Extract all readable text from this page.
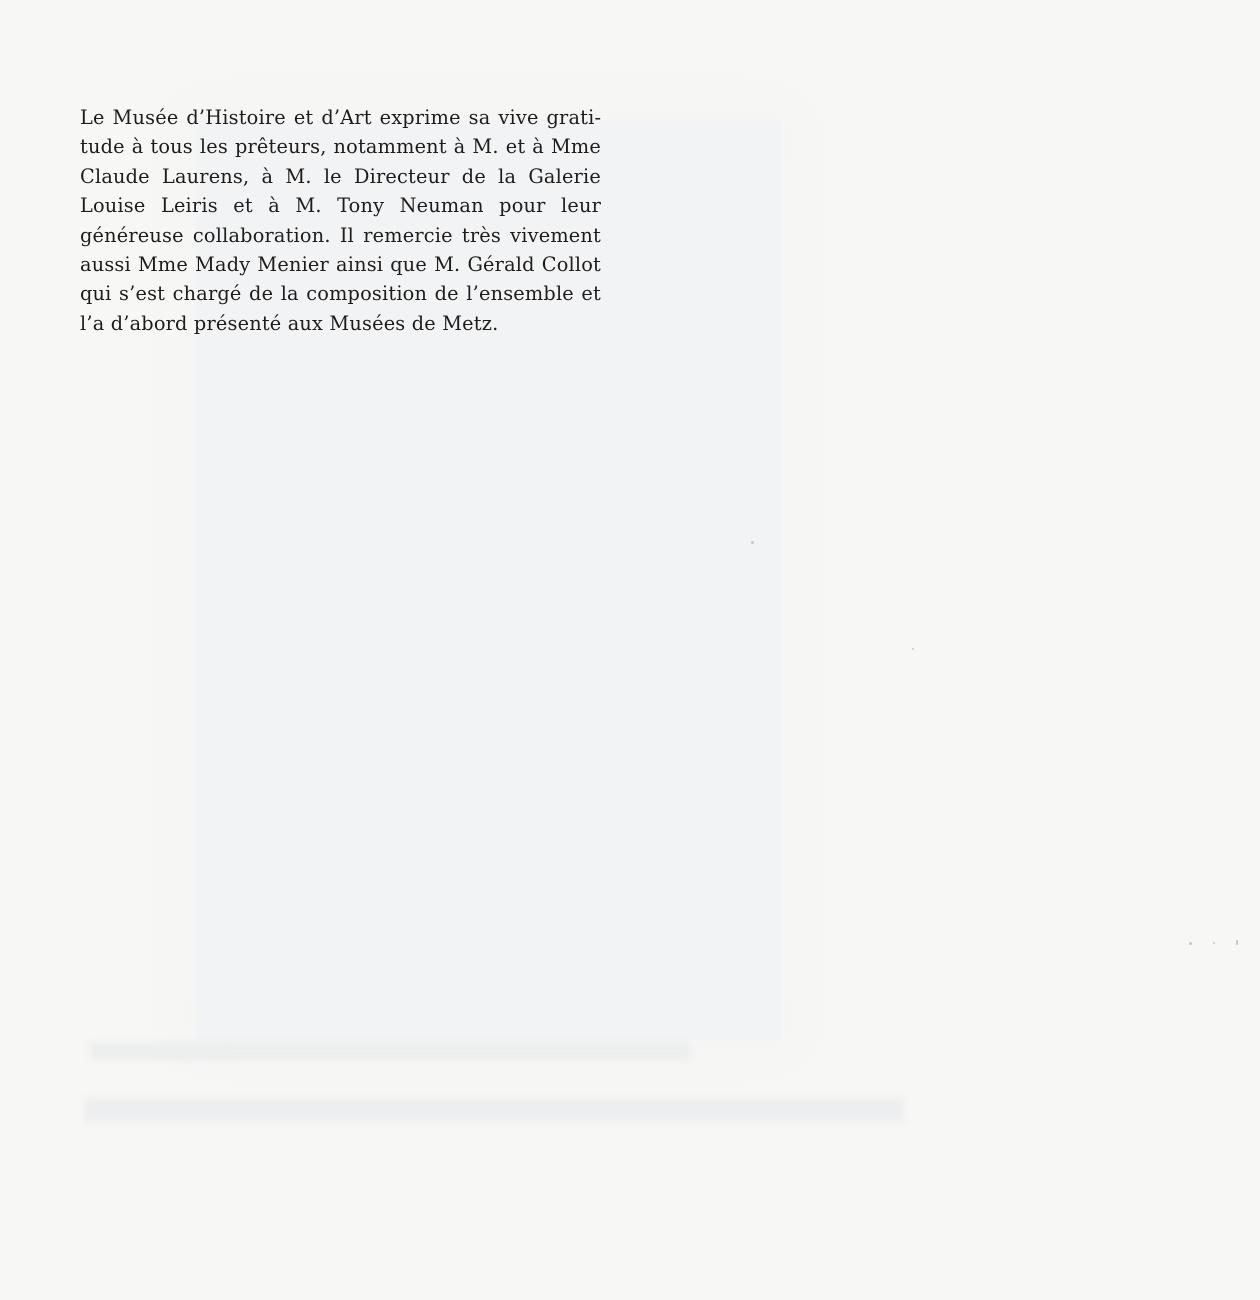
Le Musée d’Histoire et d’Art exprime sa vive gratitude à tous les prêteurs, notamment à M. et à Mme Claude Laurens, à M. le Directeur de la Galerie Louise Leiris et à M. Tony Neuman pour leur généreuse collaboration. Il remercie très vivement aussi Mme Mady Menier ainsi que M. Gérald Collot qui s’est chargé de la composition de l’ensemble et l’a d’abord présenté aux Musées de Metz.
